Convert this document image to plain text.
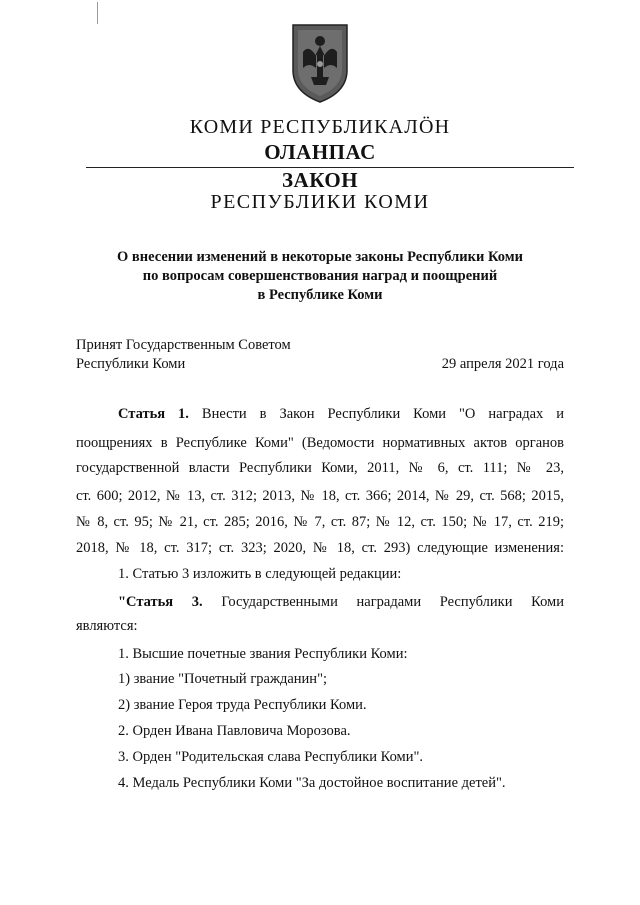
КОМИ РЕСПУБЛИКАЛӦН
ОЛАНПАС
ЗАКОН
РЕСПУБЛИКИ КОМИ
О внесении изменений в некоторые законы Республики Коми
по вопросам совершенствования наград и поощрений
в Республике Коми
Принят Государственным Советом
Республики Коми	29 апреля 2021 года
Статья 1. Внести в Закон Республики Коми "О наградах и
поощрениях в Республике Коми" (Ведомости нормативных актов органов
государственной власти Республики Коми, 2011, № 6, ст. 111; № 23,
ст. 600; 2012, № 13, ст. 312; 2013, № 18, ст. 366; 2014, № 29, ст. 568; 2015,
№ 8, ст. 95; № 21, ст. 285; 2016, № 7, ст. 87; № 12, ст. 150; № 17, ст. 219;
2018, № 18, ст. 317; ст. 323; 2020, № 18, ст. 293) следующие изменения:
1. Статью 3 изложить в следующей редакции:
"Статья 3. Государственными наградами Республики Коми
являются:
1. Высшие почетные звания Республики Коми:
1) звание "Почетный гражданин";
2) звание Героя труда Республики Коми.
2. Орден Ивана Павловича Морозова.
3. Орден "Родительская слава Республики Коми".
4. Медаль Республики Коми "За достойное воспитание детей".
